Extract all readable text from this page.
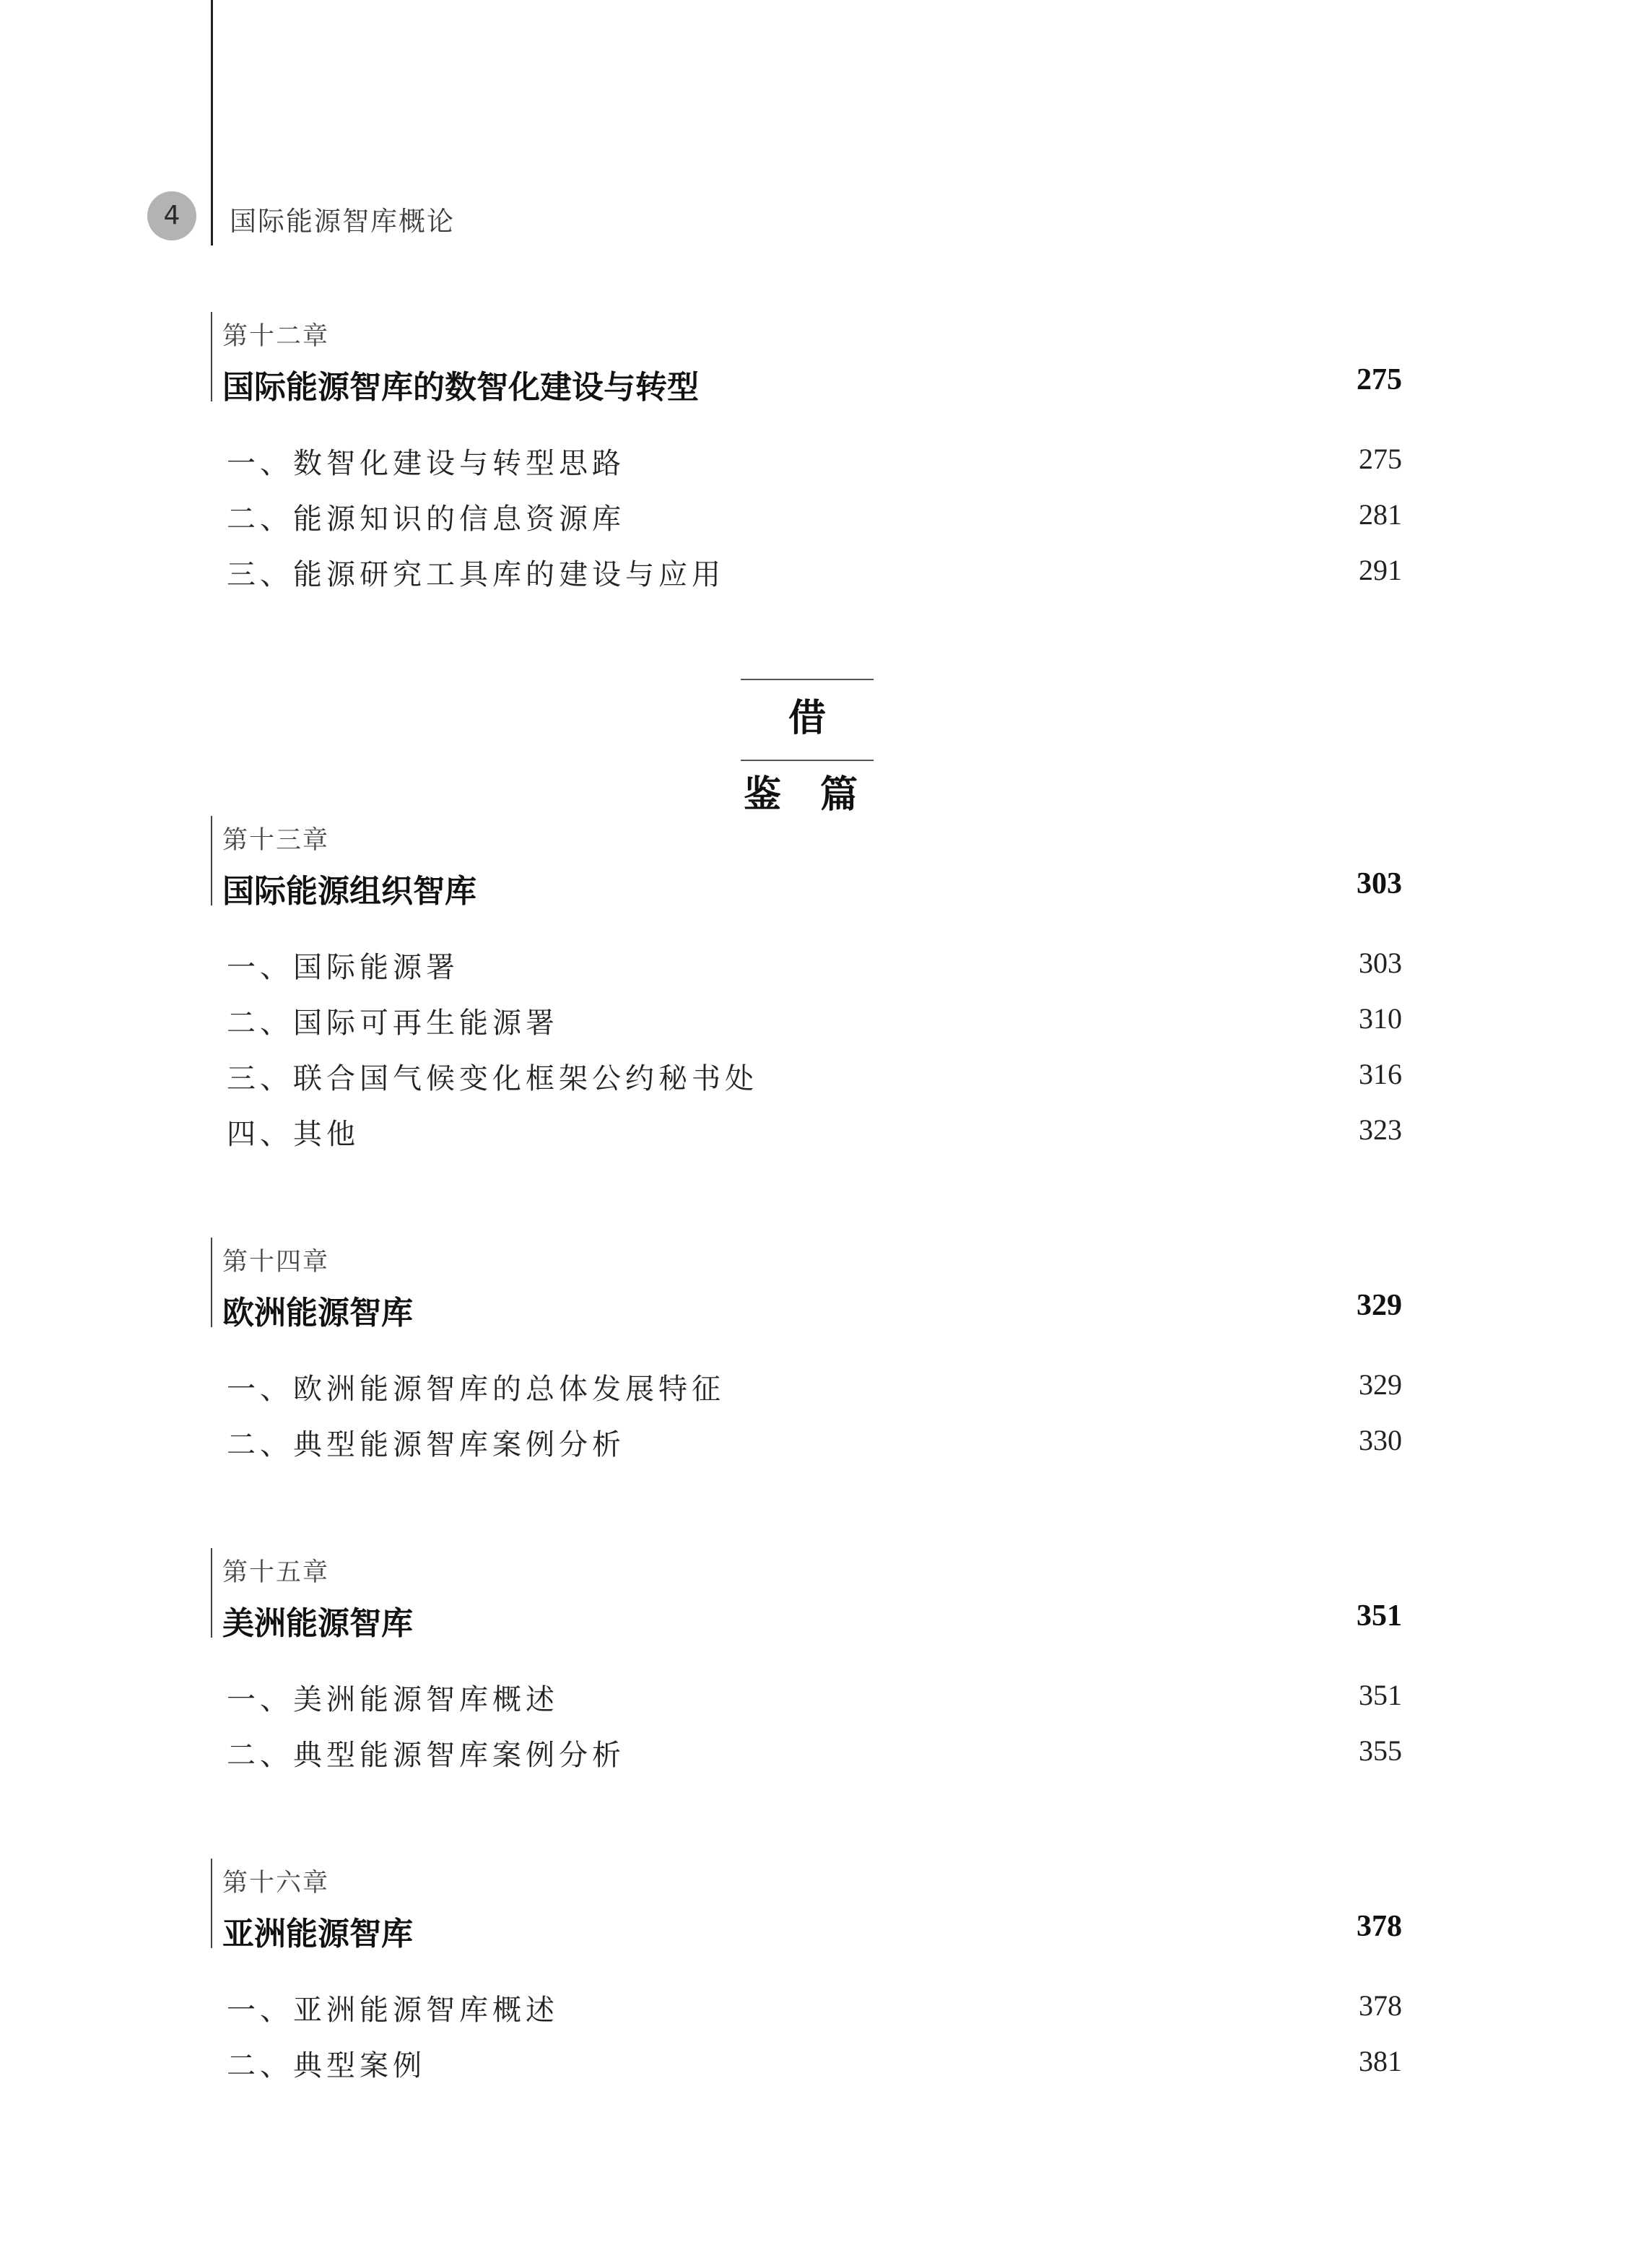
4	国际能源智库概论
第十二章
国际能源智库的数智化建设与转型	275
一、数智化建设与转型思路	275
二、能源知识的信息资源库	281
三、能源研究工具库的建设与应用	291
借 鉴 篇
第十三章
国际能源组织智库	303
一、国际能源署	303
二、国际可再生能源署	310
三、联合国气候变化框架公约秘书处	316
四、其他	323
第十四章
欧洲能源智库	329
一、欧洲能源智库的总体发展特征	329
二、典型能源智库案例分析	330
第十五章
美洲能源智库	351
一、美洲能源智库概述	351
二、典型能源智库案例分析	355
第十六章
亚洲能源智库	378
一、亚洲能源智库概述	378
二、典型案例	381
